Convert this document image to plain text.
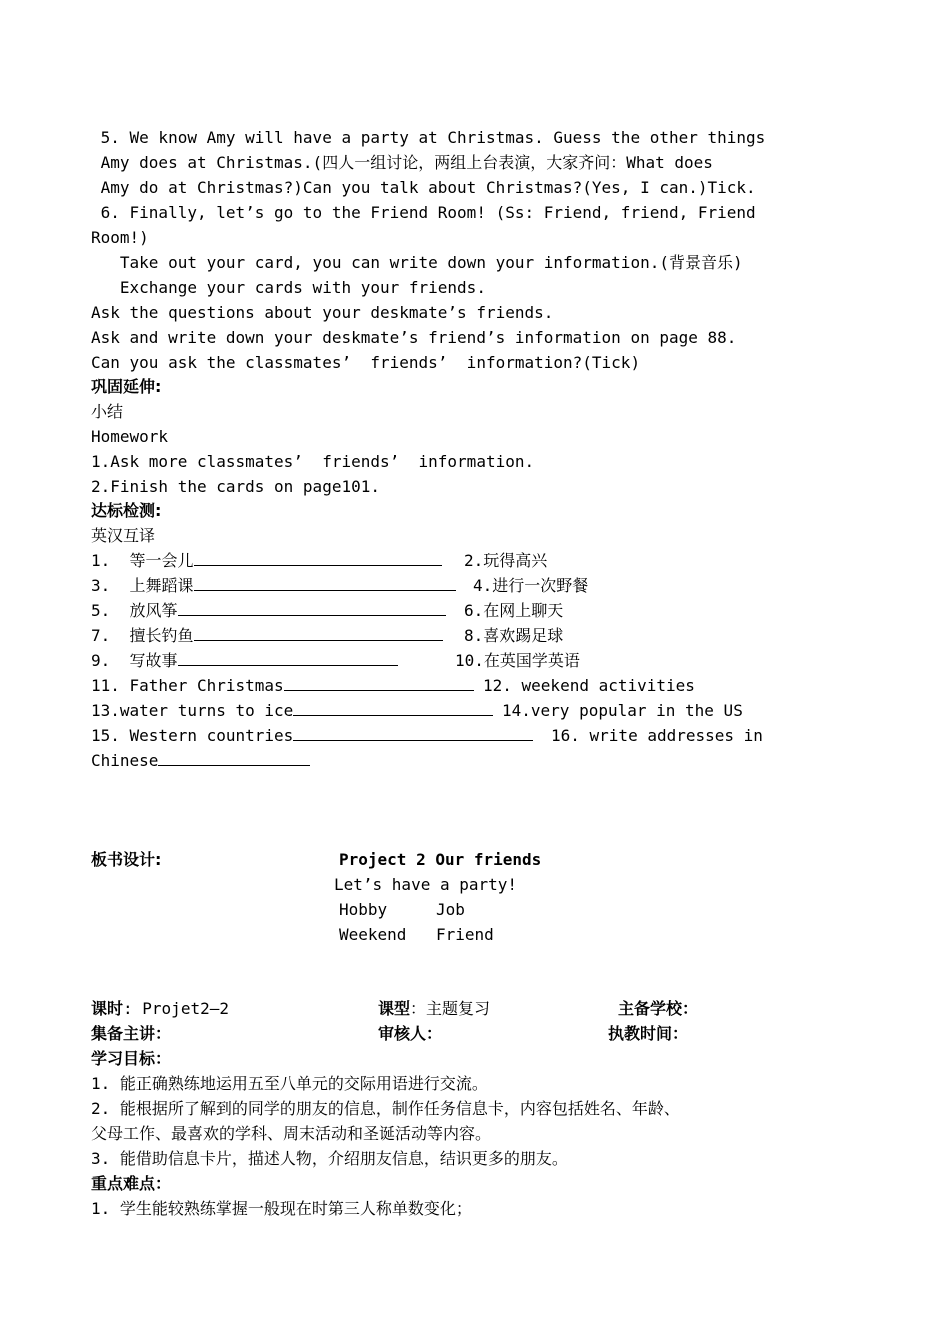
5. We know Amy will have a party at Christmas. Guess the other things
Amy does at Christmas.(四人一组讨论，两组上台表演，大家齐问：What does
Amy do at Christmas?)Can you talk about Christmas?(Yes, I can.)Tick.
6. Finally, let’s go to the Friend Room! (Ss: Friend, friend, Friend
Room!)
Take out your card, you can write down your information.(背景音乐)
Exchange your cards with your friends.
Ask the questions about your deskmate’s friends.
Ask and write down your deskmate’s friend’s information on page 88.
Can you ask the classmates’  friends’  information?(Tick)
巩固延伸:
小结
Homework
1.Ask more classmates’  friends’  information.
2.Finish the cards on page101.
达标检测:
英汉互译
1.  等一会儿	2.玩得高兴
3.  上舞蹈课	4.进行一次野餐
5.  放风筝	6.在网上聊天
7.  擅长钓鱼	8.喜欢踢足球
9.  写故事	10.在英国学英语
11. Father Christmas	12. weekend activities
13.water turns to ice	14.very popular in the US
15. Western countries	16. write addresses in
Chinese
板书设计:	Project 2 Our friends
Let’s have a party!
Hobby	Job
Weekend Friend
课时: Projet2—2	课型：主题复习	主备学校：
集备主讲：	审核人：	执教时间：
学习目标：
1. 能正确熟练地运用五至八单元的交际用语进行交流。
2. 能根据所了解到的同学的朋友的信息，制作任务信息卡，内容包括姓名、年龄、
父母工作、最喜欢的学科、周末活动和圣诞活动等内容。
3. 能借助信息卡片，描述人物，介绍朋友信息，结识更多的朋友。
重点难点：
1. 学生能较熟练掌握一般现在时第三人称单数变化；
